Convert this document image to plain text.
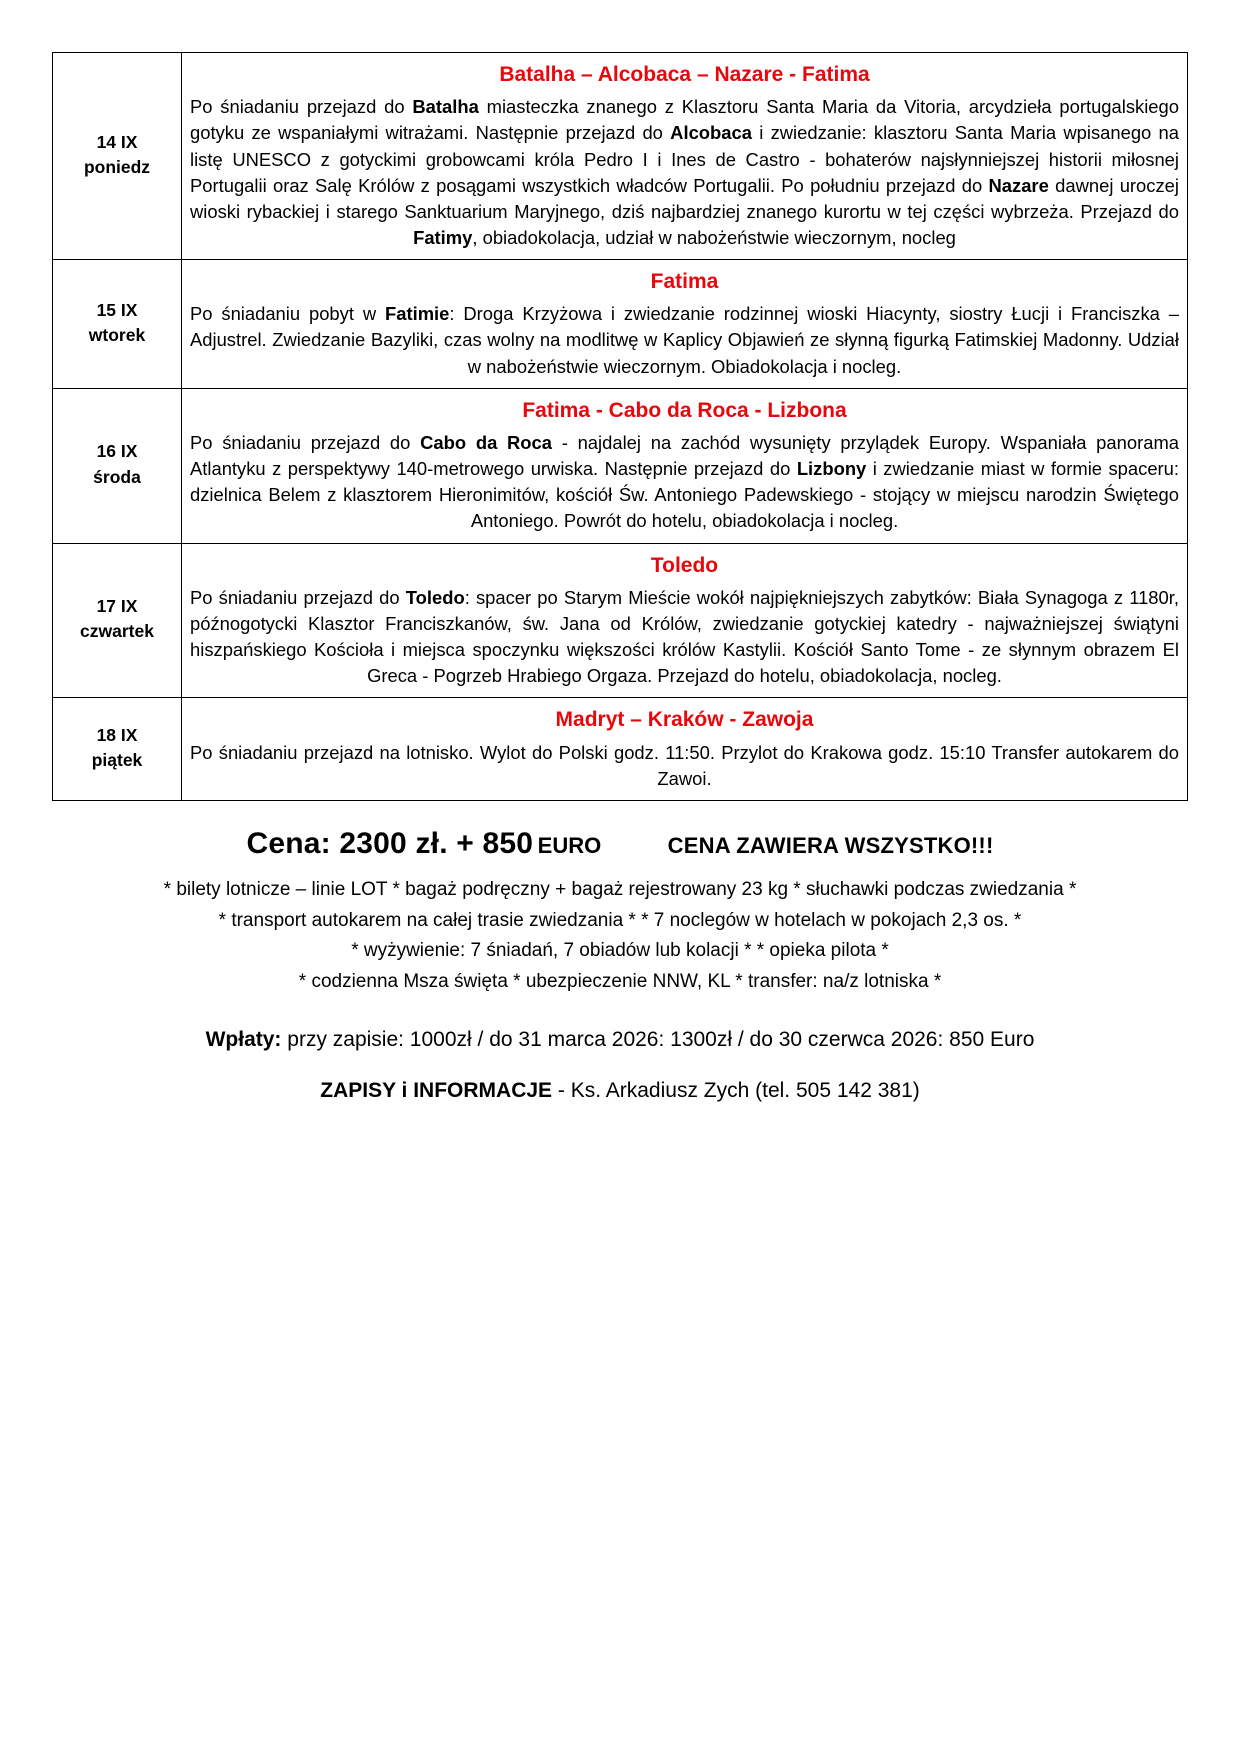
14 IX
poniedz

Batalha – Alcobaca – Nazare - Fatima
Po śniadaniu przejazd do Batalha miasteczka znanego z Klasztoru Santa Maria da Vitoria, arcydzieła portugalskiego gotyku ze wspaniałymi witrażami. Następnie przejazd do Alcobaca i zwiedzanie: klasztoru Santa Maria wpisanego na listę UNESCO z gotyckimi grobowcami króla Pedro I i Ines de Castro - bohaterów najsłynniejszej historii miłosnej Portugalii oraz Salę Królów z posągami wszystkich władców Portugalii. Po południu przejazd do Nazare dawnej uroczej wioski rybackiej i starego Sanktuarium Maryjnego, dziś najbardziej znanego kurortu w tej części wybrzeża. Przejazd do Fatimy, obiadokolacja, udział w nabożeństwie wieczornym, nocleg

15 IX
wtorek

Fatima
Po śniadaniu pobyt w Fatimie: Droga Krzyżowa i zwiedzanie rodzinnej wioski Hiacynty, siostry Łucji i Franciszka – Adjustrel. Zwiedzanie Bazyliki, czas wolny na modlitwę w Kaplicy Objawień ze słynną figurką Fatimskiej Madonny. Udział w nabożeństwie wieczornym. Obiadokolacja i nocleg.

16 IX
środa

Fatima - Cabo da Roca - Lizbona
Po śniadaniu przejazd do Cabo da Roca - najdalej na zachód wysunięty przylądek Europy. Wspaniała panorama Atlantyku z perspektywy 140-metrowego urwiska. Następnie przejazd do Lizbony i zwiedzanie miast w formie spaceru: dzielnica Belem z klasztorem Hieronimitów, kościół Św. Antoniego Padewskiego - stojący w miejscu narodzin Świętego Antoniego. Powrót do hotelu, obiadokolacja i nocleg.

17 IX
czwartek

Toledo
Po śniadaniu przejazd do Toledo: spacer po Starym Mieście wokół najpiękniejszych zabytków: Biała Synagoga z 1180r, późnogotycki Klasztor Franciszkanów, św. Jana od Królów, zwiedzanie gotyckiej katedry - najważniejszej świątyni hiszpańskiego Kościoła i miejsca spoczynku większości królów Kastylii. Kościół Santo Tome - ze słynnym obrazem El Greca - Pogrzeb Hrabiego Orgaza. Przejazd do hotelu, obiadokolacja, nocleg.

18 IX
piątek

Madryt – Kraków - Zawoja
Po śniadaniu przejazd na lotnisko. Wylot do Polski godz. 11:50. Przylot do Krakowa godz. 15:10 Transfer autokarem do Zawoi.
Cena: 2300 zł. + 850 EURO	CENA ZAWIERA WSZYSTKO!!!
* bilety lotnicze – linie LOT * bagaż podręczny + bagaż rejestrowany 23 kg * słuchawki podczas zwiedzania *
* transport autokarem na całej trasie zwiedzania * * 7 noclegów w hotelach w pokojach 2,3 os. *
* wyżywienie: 7 śniadań, 7 obiadów lub kolacji * * opieka pilota *
* codzienna Msza święta * ubezpieczenie NNW, KL * transfer: na/z lotniska *
Wpłaty: przy zapisie: 1000zł / do 31 marca 2026: 1300zł / do 30 czerwca 2026: 850 Euro
ZAPISY i INFORMACJE - Ks. Arkadiusz Zych (tel. 505 142 381)
